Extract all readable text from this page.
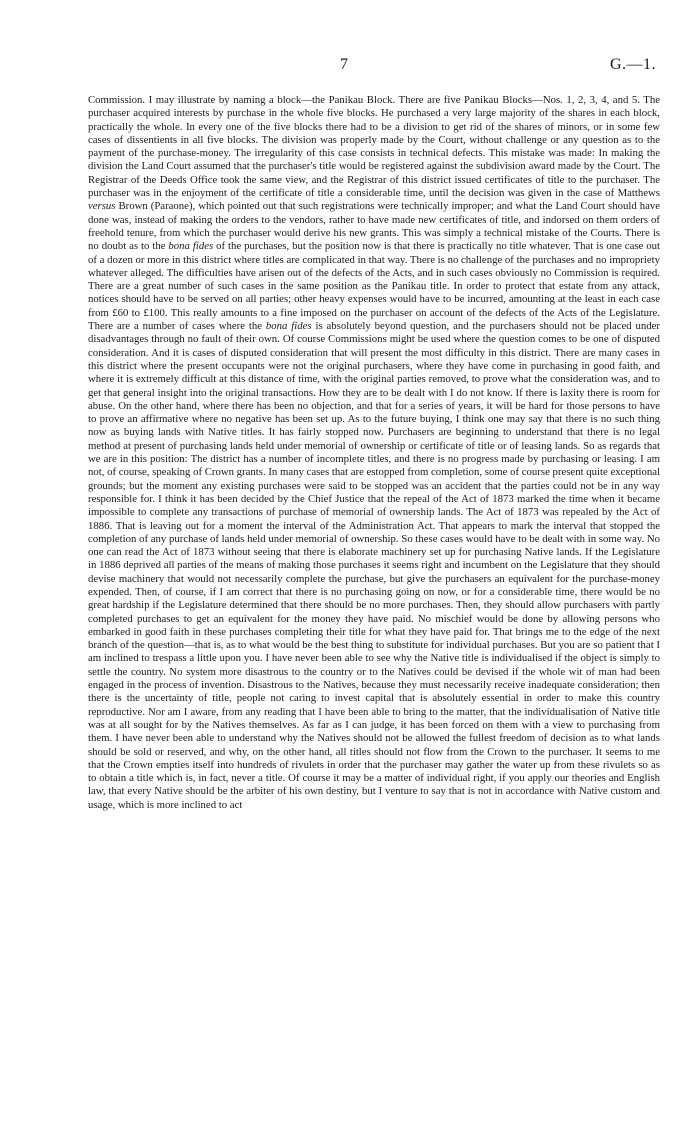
7	G.—1.

Commission. I may illustrate by naming a block—the Panikau Block. There are five Panikau Blocks—Nos. 1, 2, 3, 4, and 5. The purchaser acquired interests by purchase in the whole five blocks. He purchased a very large majority of the shares in each block, practically the whole. In every one of the five blocks there had to be a division to get rid of the shares of minors, or in some few cases of dissentients in all five blocks. The division was properly made by the Court, without challenge or any question as to the payment of the purchase-money. The irregularity of this case consists in technical defects. This mistake was made: In making the division the Land Court assumed that the purchaser's title would be registered against the subdivision award made by the Court. The Registrar of the Deeds Office took the same view, and the Registrar of this district issued certificates of title to the purchaser. The purchaser was in the enjoyment of the certificate of title a considerable time, until the decision was given in the case of Matthews versus Brown (Paraone), which pointed out that such registrations were technically improper; and what the Land Court should have done was, instead of making the orders to the vendors, rather to have made new certificates of title, and indorsed on them orders of freehold tenure, from which the purchaser would derive his new grants. This was simply a technical mistake of the Courts. There is no doubt as to the bona fides of the purchases, but the position now is that there is practically no title whatever. That is one case out of a dozen or more in this district where titles are complicated in that way. There is no challenge of the purchases and no impropriety whatever alleged. The difficulties have arisen out of the defects of the Acts, and in such cases obviously no Commission is required. There are a great number of such cases in the same position as the Panikau title. In order to protect that estate from any attack, notices should have to be served on all parties; other heavy expenses would have to be incurred, amounting at the least in each case from £60 to £100. This really amounts to a fine imposed on the purchaser on account of the defects of the Acts of the Legislature. There are a number of cases where the bona fides is absolutely beyond question, and the purchasers should not be placed under disadvantages through no fault of their own. Of course Commissions might be used where the question comes to be one of disputed consideration. And it is cases of disputed consideration that will present the most difficulty in this district. There are many cases in this district where the present occupants were not the original purchasers, where they have come in purchasing in good faith, and where it is extremely difficult at this distance of time, with the original parties removed, to prove what the consideration was, and to get that general insight into the original transactions. How they are to be dealt with I do not know. If there is laxity there is room for abuse. On the other hand, where there has been no objection, and that for a series of years, it will be hard for those persons to have to prove an affirmative where no negative has been set up. As to the future buying, I think one may say that there is no such thing now as buying lands with Native titles. It has fairly stopped now. Purchasers are beginning to understand that there is no legal method at present of purchasing lands held under memorial of ownership or certificate of title or of leasing lands. So as regards that we are in this position: The district has a number of incomplete titles, and there is no progress made by purchasing or leasing. I am not, of course, speaking of Crown grants. In many cases that are estopped from completion, some of course present quite exceptional grounds; but the moment any existing purchases were said to be stopped was an accident that the parties could not be in any way responsible for. I think it has been decided by the Chief Justice that the repeal of the Act of 1873 marked the time when it became impossible to complete any transactions of purchase of memorial of ownership lands. The Act of 1873 was repealed by the Act of 1886. That is leaving out for a moment the interval of the Administration Act. That appears to mark the interval that stopped the completion of any purchase of lands held under memorial of ownership. So these cases would have to be dealt with in some way. No one can read the Act of 1873 without seeing that there is elaborate machinery set up for purchasing Native lands. If the Legislature in 1886 deprived all parties of the means of making those purchases it seems right and incumbent on the Legislature that they should devise machinery that would not necessarily complete the purchase, but give the purchasers an equivalent for the purchase-money expended. Then, of course, if I am correct that there is no purchasing going on now, or for a considerable time, there would be no great hardship if the Legislature determined that there should be no more purchases. Then, they should allow purchasers with partly completed purchases to get an equivalent for the money they have paid. No mischief would be done by allowing persons who embarked in good faith in these purchases completing their title for what they have paid for. That brings me to the edge of the next branch of the question—that is, as to what would be the best thing to substitute for individual purchases. But you are so patient that I am inclined to trespass a little upon you. I have never been able to see why the Native title is individualised if the object is simply to settle the country. No system more disastrous to the country or to the Natives could be devised if the whole wit of man had been engaged in the process of invention. Disastrous to the Natives, because they must necessarily receive inadequate consideration; then there is the uncertainty of title, people not caring to invest capital that is absolutely essential in order to make this country reproductive. Nor am I aware, from any reading that I have been able to bring to the matter, that the individualisation of Native title was at all sought for by the Natives themselves. As far as I can judge, it has been forced on them with a view to purchasing from them. I have never been able to understand why the Natives should not be allowed the fullest freedom of decision as to what lands should be sold or reserved, and why, on the other hand, all titles should not flow from the Crown to the purchaser. It seems to me that the Crown empties itself into hundreds of rivulets in order that the purchaser may gather the water up from these rivulets so as to obtain a title which is, in fact, never a title. Of course it may be a matter of individual right, if you apply our theories and English law, that every Native should be the arbiter of his own destiny, but I venture to say that is not in accordance with Native custom and usage, which is more inclined to act
